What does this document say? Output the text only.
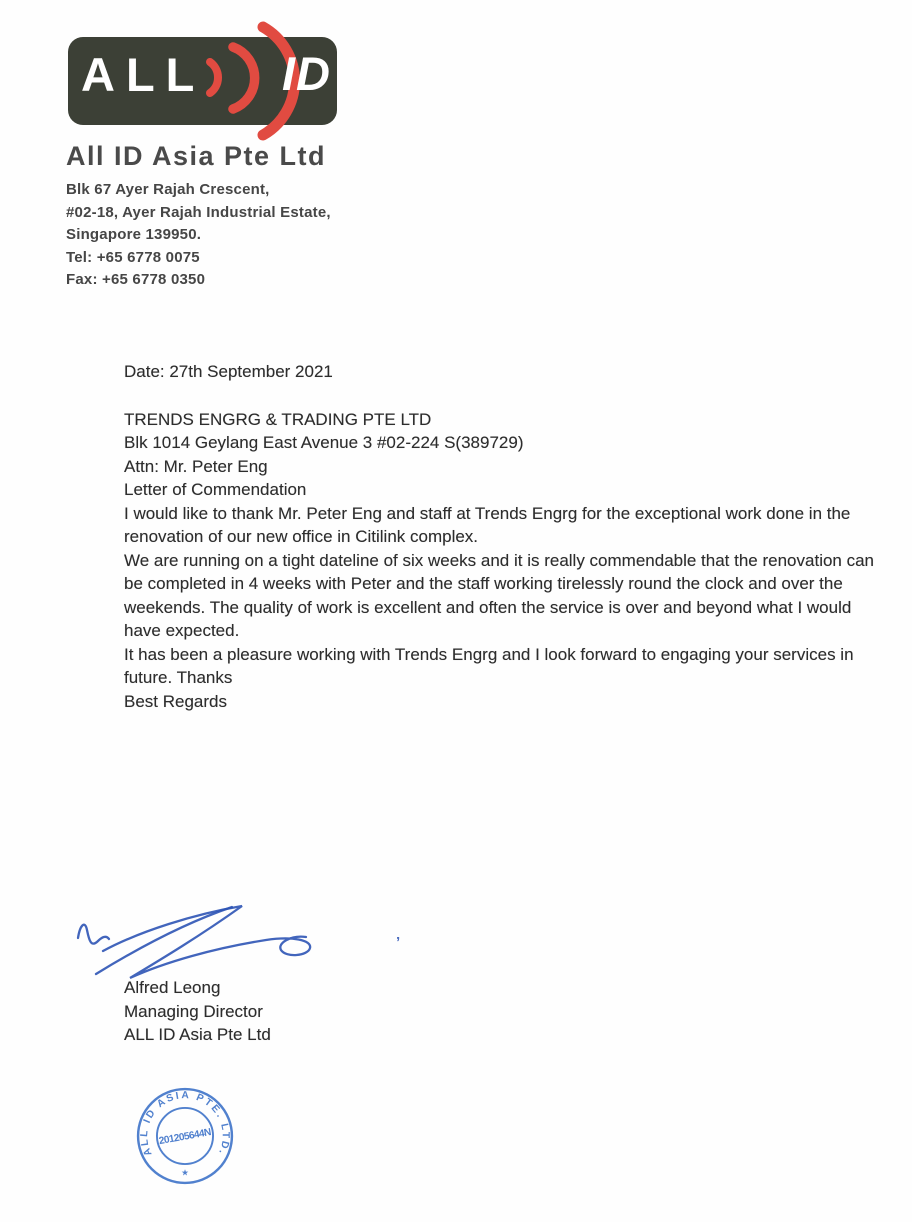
ALL ID
All ID Asia Pte Ltd
Blk 67 Ayer Rajah Crescent,
#02-18, Ayer Rajah Industrial Estate,
Singapore 139950.
Tel: +65 6778 0075
Fax: +65 6778 0350

Date: 27th September 2021

TRENDS ENGRG & TRADING PTE LTD

Blk 1014 Geylang East Avenue 3 #02-224 S(389729)

Attn: Mr. Peter Eng

Letter of Commendation

I would like to thank Mr. Peter Eng and staff at Trends Engrg for the exceptional work done in the renovation of our new office in Citilink complex.

We are running on a tight dateline of six weeks and it is really commendable that the renovation can be completed in 4 weeks with Peter and the staff working tirelessly round the clock and over the weekends. The quality of work is excellent and often the service is over and beyond what I would have expected.

It has been a pleasure working with Trends Engrg and I look forward to engaging your services in future. Thanks

Best Regards

’
Alfred Leong
Managing Director
ALL ID Asia Pte Ltd
ALL ID ASIA PTE. LTD.
201205644N
★
